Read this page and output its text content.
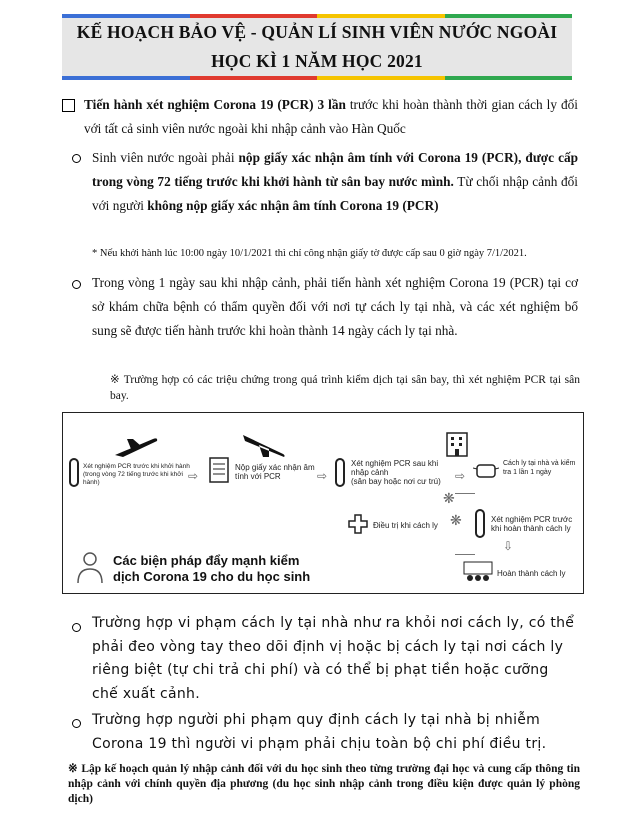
KẾ HOẠCH BẢO VỆ - QUẢN LÍ SINH VIÊN NƯỚC NGOÀI
HỌC KÌ 1 NĂM HỌC 2021
Tiến hành xét nghiệm Corona 19 (PCR) 3 lần trước khi hoàn thành thời gian cách ly đối với tất cả sinh viên nước ngoài khi nhập cảnh vào Hàn Quốc
Sinh viên nước ngoài phải nộp giấy xác nhận âm tính với Corona 19 (PCR), được cấp trong vòng 72 tiếng trước khi khởi hành từ sân bay nước mình. Từ chối nhập cảnh đối với người không nộp giấy xác nhận âm tính Corona 19 (PCR)
* Nếu khởi hành lúc 10:00 ngày 10/1/2021 thì chỉ công nhận giấy tờ được cấp sau 0 giờ ngày 7/1/2021.
Trong vòng 1 ngày sau khi nhập cảnh, phải tiến hành xét nghiệm Corona 19 (PCR) tại cơ sở khám chữa bệnh có thẩm quyền đối với nơi tự cách ly tại nhà, và các xét nghiệm bổ sung sẽ được tiến hành trước khi hoàn thành 14 ngày cách ly tại nhà.
※ Trường hợp có các triệu chứng trong quá trình kiểm dịch tại sân bay, thì xét nghiệm PCR tại sân bay.
Xét nghiệm PCR trước khi khởi hành (trong vòng 72 tiếng trước khi khởi hành)	⇨
Nộp giấy xác nhận âm tính với PCR	⇨
Xét nghiệm PCR sau khi nhập cảnh
(sân bay hoặc nơi cư trú)	⇨
Cách ly tại nhà và kiểm tra 1 lần 1 ngày
❋
Điều trị khi cách ly ❋	Xét nghiệm PCR trước khi hoàn thành cách ly
⇩
Hoàn thành cách ly
Các biện pháp đẩy mạnh kiểm
dịch Corona 19 cho du học sinh
Trường hợp vi phạm cách ly tại nhà như ra khỏi nơi cách ly, có thể phải đeo vòng tay theo dõi định vị hoặc bị cách ly tại nơi cách ly riêng biệt (tự chi trả chi phí) và có thể bị phạt tiền hoặc cưỡng chế xuất cảnh.
Trường hợp người phi phạm quy định cách ly tại nhà bị nhiễm Corona 19 thì người vi phạm phải chịu toàn bộ chi phí điều trị.
※ Lập kế hoạch quản lý nhập cảnh đối với du học sinh theo từng trường đại học và cung cấp thông tin nhập cảnh với chính quyền địa phương (du học sinh nhập cảnh trong điều kiện được quản lý phòng dịch)
